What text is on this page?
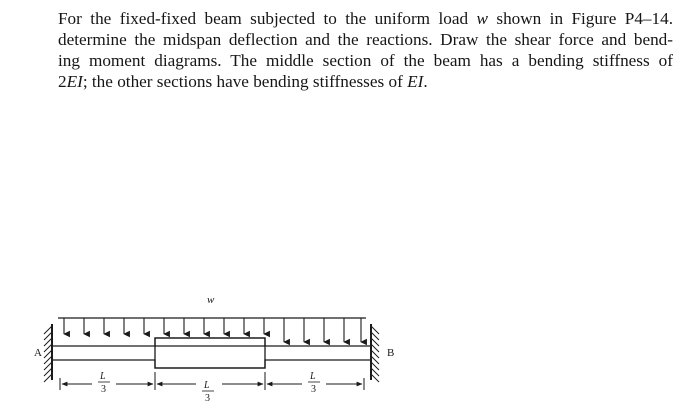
For the fixed-fixed beam subjected to the uniform load w shown in Figure P4–14.
determine the midspan deflection and the reactions. Draw the shear force and bend-
ing moment diagrams. The middle section of the beam has a bending stiffness of
2EI; the other sections have bending stiffnesses of EI.
w
A	B
L
3	L
3
L
3
